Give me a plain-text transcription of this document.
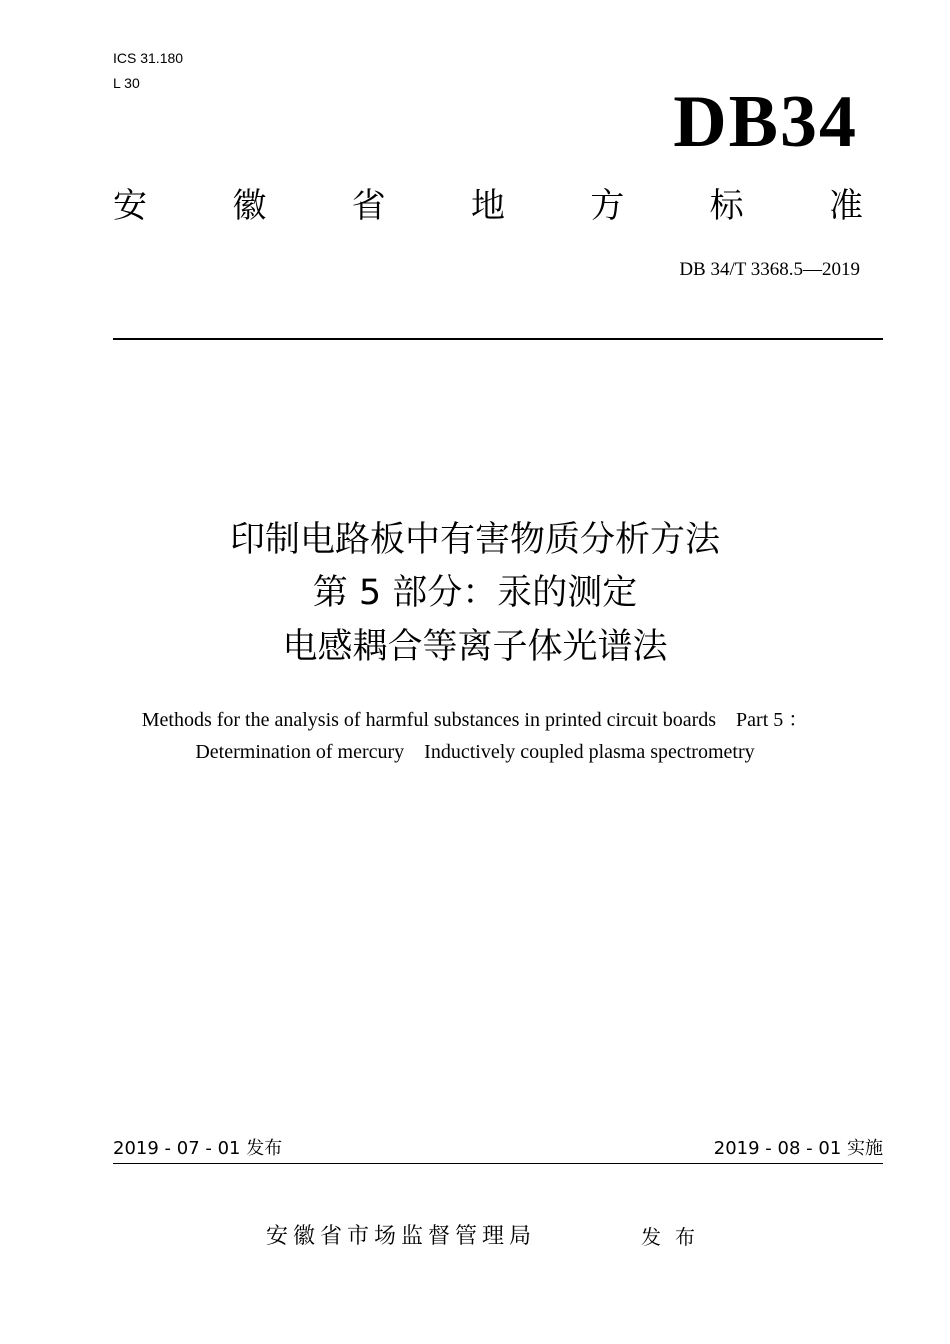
ICS 31.180
L 30	DB34
安	徽	省	地	方	标	准
DB 34/T 3368.5—2019
印制电路板中有害物质分析方法
第 5 部分：汞的测定
电感耦合等离子体光谱法
Methods for the analysis of harmful substances in printed circuit boards    Part 5 ：
Determination of mercury    Inductively coupled plasma spectrometry
2019 - 07 - 01 发布	2019 - 08 - 01 实施
安徽省市场监督管理局	发布
